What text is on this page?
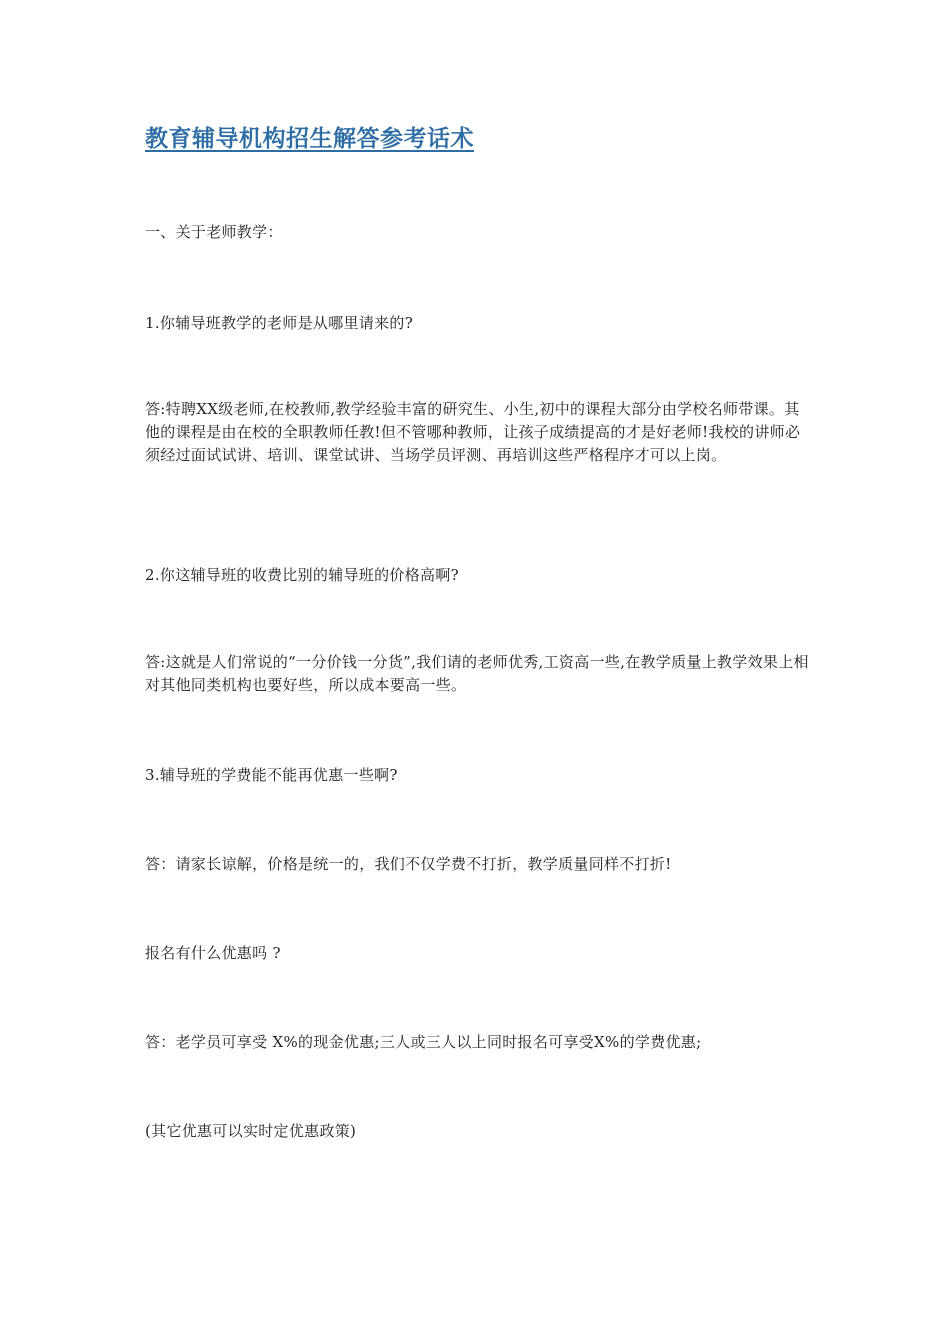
教育辅导机构招生解答参考话术

一、关于老师教学：

1.你辅导班教学的老师是从哪里请来的?

答:特聘XX级老师,在校教师,教学经验丰富的研究生、小生,初中的课程大部分由学校名师带课。其他的课程是由在校的全职教师任教!但不管哪种教师，让孩子成绩提高的才是好老师!我校的讲师必须经过面试试讲、培训、课堂试讲、当场学员评测、再培训这些严格程序才可以上岗。

2.你这辅导班的收费比别的辅导班的价格高啊?

答:这就是人们常说的“一分价钱一分货”,我们请的老师优秀,工资高一些,在教学质量上教学效果上相对其他同类机构也要好些，所以成本要高一些。

3.辅导班的学费能不能再优惠一些啊?

答：请家长谅解，价格是统一的，我们不仅学费不打折，教学质量同样不打折!

报名有什么优惠吗 ?

答：老学员可享受 X%的现金优惠;三人或三人以上同时报名可享受X%的学费优惠;

(其它优惠可以实时定优惠政策)
